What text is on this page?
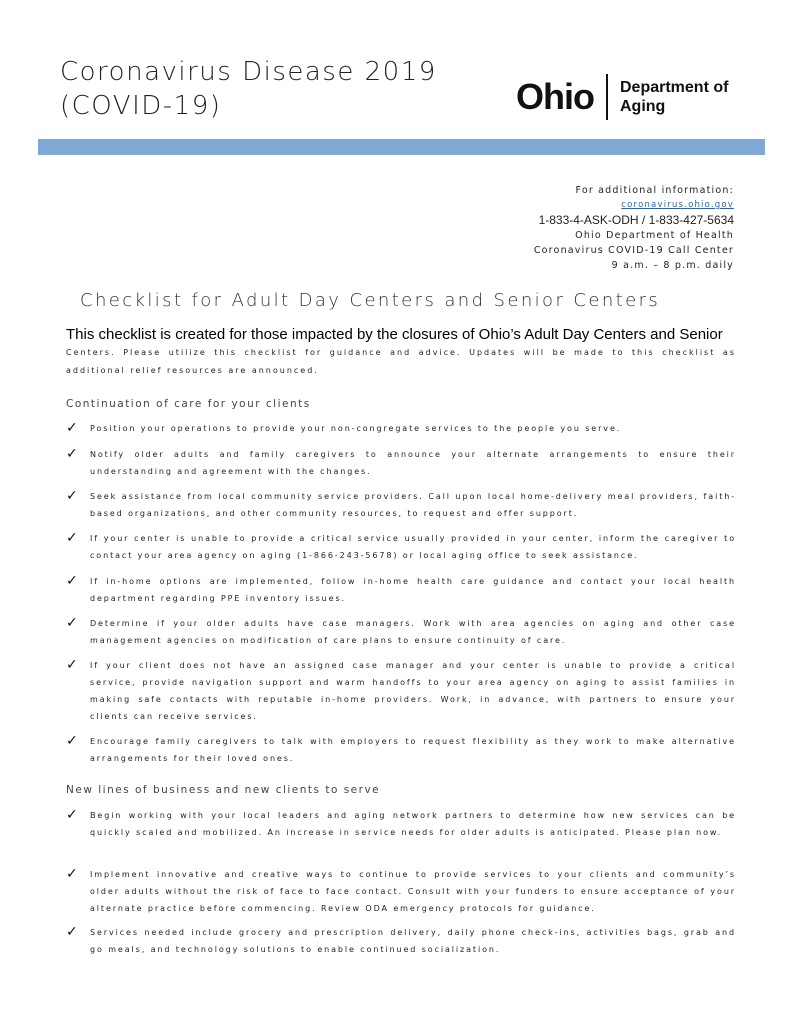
Coronavirus Disease 2019
(COVID-19)	Ohio Department of
Aging
For additional information:
coronavirus.ohio.gov
1-833-4-ASK-ODH / 1-833-427-5634
Ohio Department of Health
Coronavirus COVID-19 Call Center
9 a.m. – 8 p.m. daily
Checklist for Adult Day Centers and Senior Centers
This checklist is created for those impacted by the closures of Ohio’s Adult Day Centers and Senior
Centers. Please utilize this checklist for guidance and advice. Updates will be made to this checklist as additional relief resources are announced.
Continuation of care for your clients
✓	Position your operations to provide your non-congregate services to the people you serve.
✓	Notify older adults and family caregivers to announce your alternate arrangements to ensure their understanding and agreement with the changes.
✓	Seek assistance from local community service providers. Call upon local home-delivery meal providers, faith-based organizations, and other community resources, to request and offer support.
✓	If your center is unable to provide a critical service usually provided in your center, inform the caregiver to contact your area agency on aging (1-866-243-5678) or local aging office to seek assistance.
✓	If in-home options are implemented, follow in-home health care guidance and contact your local health department regarding PPE inventory issues.
✓	Determine if your older adults have case managers. Work with area agencies on aging and other case management agencies on modification of care plans to ensure continuity of care.
✓	If your client does not have an assigned case manager and your center is unable to provide a critical service, provide navigation support and warm handoffs to your area agency on aging to assist families in making safe contacts with reputable in-home providers. Work, in advance, with partners to ensure your clients can receive services.
✓	Encourage family caregivers to talk with employers to request flexibility as they work to make alternative arrangements for their loved ones.
New lines of business and new clients to serve
✓	Begin working with your local leaders and aging network partners to determine how new services can be quickly scaled and mobilized. An increase in service needs for older adults is anticipated. Please plan now.
✓	Implement innovative and creative ways to continue to provide services to your clients and community’s older adults without the risk of face to face contact. Consult with your funders to ensure acceptance of your alternate practice before commencing. Review ODA emergency protocols for guidance.
✓	Services needed include grocery and prescription delivery, daily phone check-ins, activities bags, grab and go meals, and technology solutions to enable continued socialization.
